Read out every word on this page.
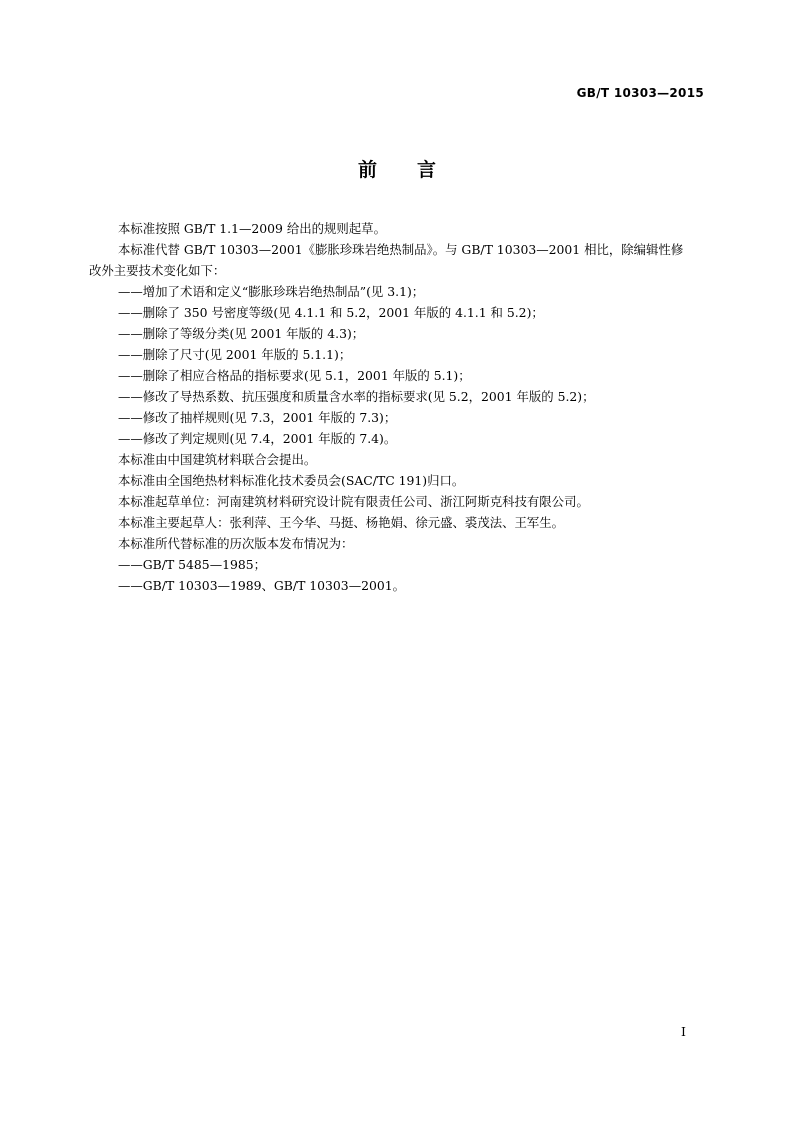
GB/T 10303—2015
前言

本标准按照 GB/T 1.1—2009 给出的规则起草。

本标准代替 GB/T 10303—2001《膨胀珍珠岩绝热制品》。与 GB/T 10303—2001 相比，除编辑性修
改外主要技术变化如下：

——增加了术语和定义“膨胀珍珠岩绝热制品”(见 3.1)；

——删除了 350 号密度等级(见 4.1.1 和 5.2，2001 年版的 4.1.1 和 5.2)；

——删除了等级分类(见 2001 年版的 4.3)；

——删除了尺寸(见 2001 年版的 5.1.1)；

——删除了相应合格品的指标要求(见 5.1，2001 年版的 5.1)；

——修改了导热系数、抗压强度和质量含水率的指标要求(见 5.2，2001 年版的 5.2)；

——修改了抽样规则(见 7.3，2001 年版的 7.3)；

——修改了判定规则(见 7.4，2001 年版的 7.4)。

本标准由中国建筑材料联合会提出。

本标准由全国绝热材料标准化技术委员会(SAC/TC 191)归口。

本标准起草单位：河南建筑材料研究设计院有限责任公司、浙江阿斯克科技有限公司。

本标准主要起草人：张利萍、王今华、马挺、杨艳娟、徐元盛、裘茂法、王军生。

本标准所代替标准的历次版本发布情况为：

——GB/T 5485—1985；

——GB/T 10303—1989、GB/T 10303—2001。

I
